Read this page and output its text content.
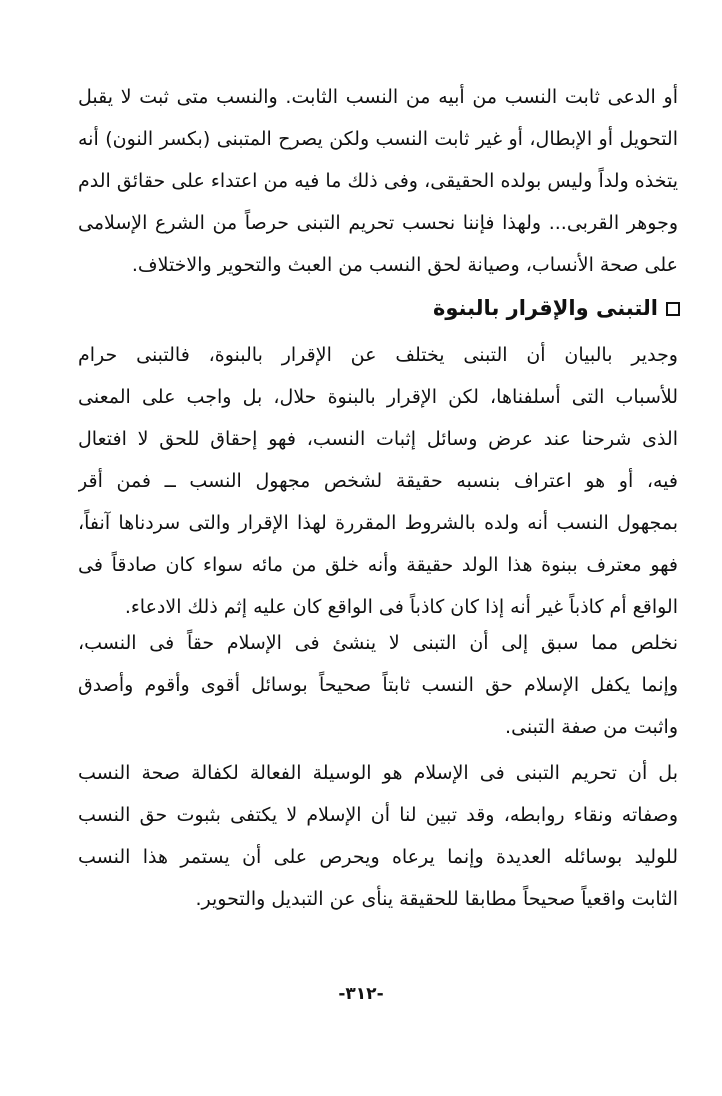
أو الدعى ثابت النسب من أبيه من النسب الثابت. والنسب متى ثبت لا يقبل
التحويل أو الإبطال، أو غير ثابت النسب ولكن يصرح المتبنى (بكسر النون) أنه
يتخذه ولداً وليس بولده الحقيقى، وفى ذلك ما فيه من اعتداء على حقائق الدم
وجوهر القربى... ولهذا فإننا نحسب تحريم التبنى حرصاً من الشرع الإسلامى
على صحة الأنساب، وصيانة لحق النسب من العبث والتحوير والاختلاف.
التبنى والإقرار بالبنوة
وجدير بالبيان أن التبنى يختلف عن الإقرار بالبنوة، فالتبنى حرام
للأسباب التى أسلفناها، لكن الإقرار بالبنوة حلال، بل واجب على المعنى
الذى شرحنا عند عرض وسائل إثبات النسب، فهو إحقاق للحق لا افتعال
فيه، أو هو اعتراف بنسبه حقيقة لشخص مجهول النسب ــ فمن أقر
بمجهول النسب أنه ولده بالشروط المقررة لهذا الإقرار والتى سردناها آنفاً،
فهو معترف ببنوة هذا الولد حقيقة وأنه خلق من مائه سواء كان صادقاً فى
الواقع أم كاذباً غير أنه إذا كان كاذباً فى الواقع كان عليه إثم ذلك الادعاء.
نخلص مما سبق إلى أن التبنى لا ينشئ فى الإسلام حقاً فى النسب،
وإنما يكفل الإسلام حق النسب ثابتاً صحيحاً بوسائل أقوى وأقوم وأصدق
واثبت من صفة التبنى.
بل أن تحريم التبنى فى الإسلام هو الوسيلة الفعالة لكفالة صحة النسب
وصفاته ونقاء روابطه، وقد تبين لنا أن الإسلام لا يكتفى بثبوت حق النسب
للوليد بوسائله العديدة وإنما يرعاه ويحرص على أن يستمر هذا النسب
الثابت واقعياً صحيحاً مطابقا للحقيقة ينأى عن التبديل والتحوير.
-٣١٢-
